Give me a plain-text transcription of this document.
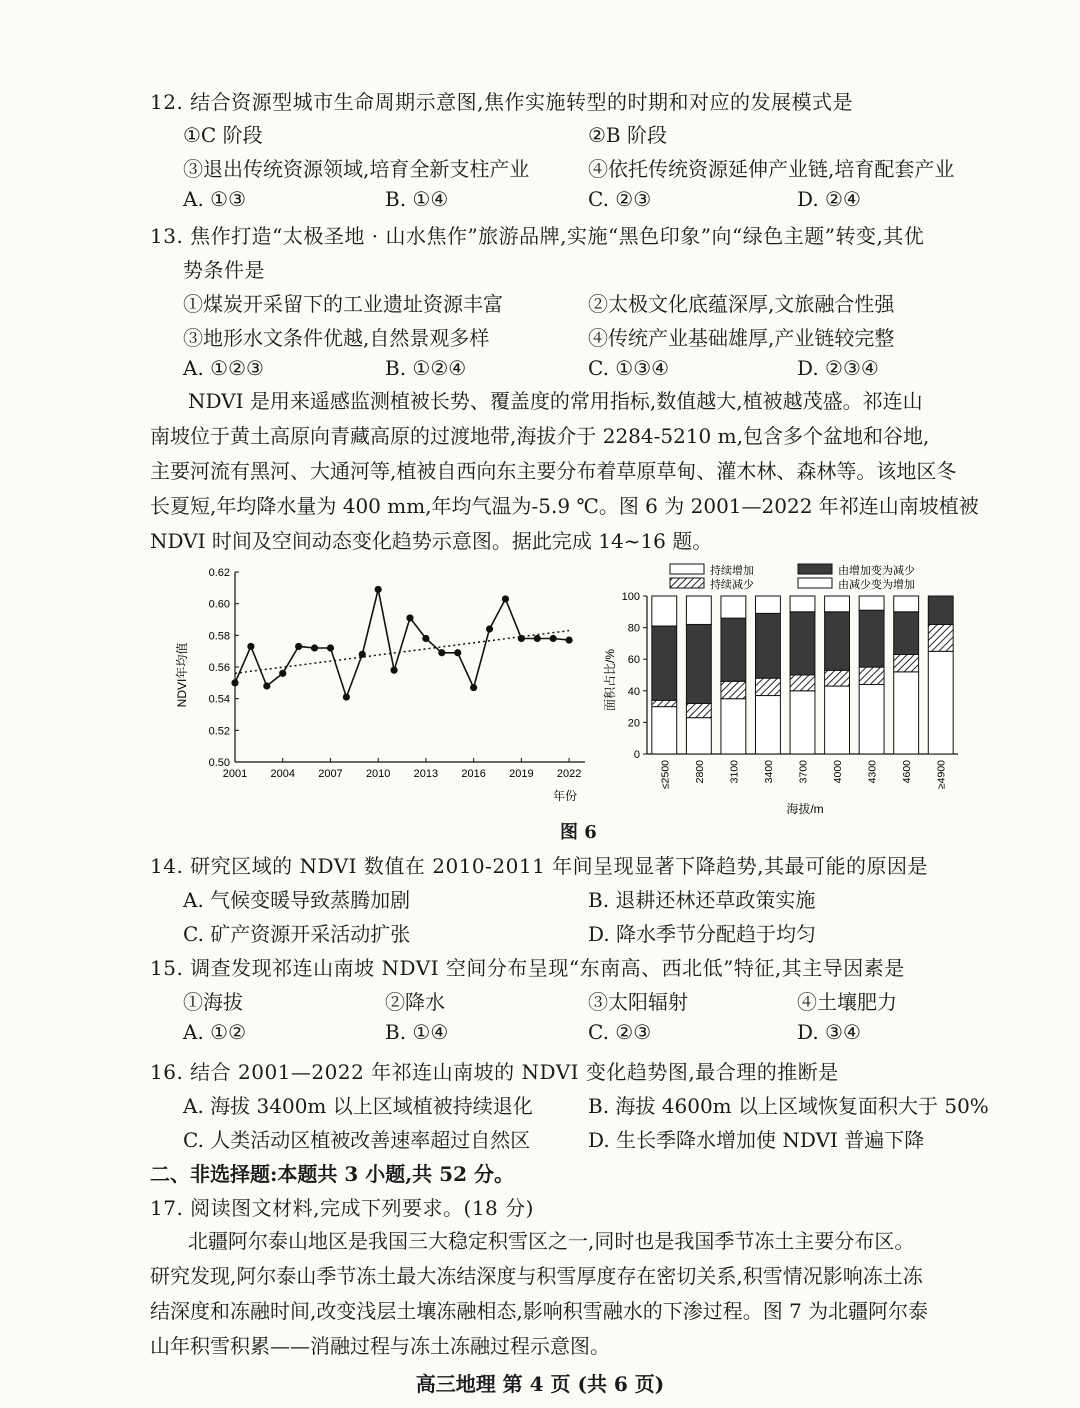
12. 结合资源型城市生命周期示意图,焦作实施转型的时期和对应的发展模式是
①C 阶段	②B 阶段
③退出传统资源领域,培育全新支柱产业	④依托传统资源延伸产业链,培育配套产业
A. ①③	B. ①④	C. ②③	D. ②④
13. 焦作打造“太极圣地 · 山水焦作”旅游品牌,实施“黑色印象”向“绿色主题”转变,其优
势条件是
①煤炭开采留下的工业遗址资源丰富	②太极文化底蕴深厚,文旅融合性强
③地形水文条件优越,自然景观多样	④传统产业基础雄厚,产业链较完整
A. ①②③	B. ①②④	C. ①③④	D. ②③④
NDVI 是用来遥感监测植被长势、覆盖度的常用指标,数值越大,植被越茂盛。祁连山
南坡位于黄土高原向青藏高原的过渡地带,海拔介于 2284-5210 m,包含多个盆地和谷地,
主要河流有黑河、大通河等,植被自西向东主要分布着草原草甸、灌木林、森林等。该地区冬
长夏短,年均降水量为 400 mm,年均气温为-5.9 ℃。图 6 为 2001—2022 年祁连山南坡植被
NDVI 时间及空间动态变化趋势示意图。据此完成 14~16 题。
0.62
0.60
0.58
0.56
0.54
0.52
0.50
2001 2004 2007 2010 2013 2016 2019 2022
NDVI年均值
年份
持续增加	由增加变为减少
持续减少	由减少变为增加
100
80
60
40
20
0
≤2500 2800 3100 3400 3700 4000 4300 4600 ≥4900
面积占比/%
海拔/m
图 6
14. 研究区域的 NDVI 数值在 2010-2011 年间呈现显著下降趋势,其最可能的原因是
A. 气候变暖导致蒸腾加剧	B. 退耕还林还草政策实施
C. 矿产资源开采活动扩张	D. 降水季节分配趋于均匀
15. 调查发现祁连山南坡 NDVI 空间分布呈现“东南高、西北低”特征,其主导因素是
①海拔	②降水	③太阳辐射	④土壤肥力
A. ①②	B. ①④	C. ②③	D. ③④
16. 结合 2001—2022 年祁连山南坡的 NDVI 变化趋势图,最合理的推断是
A. 海拔 3400m 以上区域植被持续退化	B. 海拔 4600m 以上区域恢复面积大于 50%
C. 人类活动区植被改善速率超过自然区	D. 生长季降水增加使 NDVI 普遍下降
二、非选择题:本题共 3 小题,共 52 分。
17. 阅读图文材料,完成下列要求。(18 分)
北疆阿尔泰山地区是我国三大稳定积雪区之一,同时也是我国季节冻土主要分布区。
研究发现,阿尔泰山季节冻土最大冻结深度与积雪厚度存在密切关系,积雪情况影响冻土冻
结深度和冻融时间,改变浅层土壤冻融相态,影响积雪融水的下渗过程。图 7 为北疆阿尔泰
山年积雪积累——消融过程与冻土冻融过程示意图。
高三地理 第 4 页 (共 6 页)
